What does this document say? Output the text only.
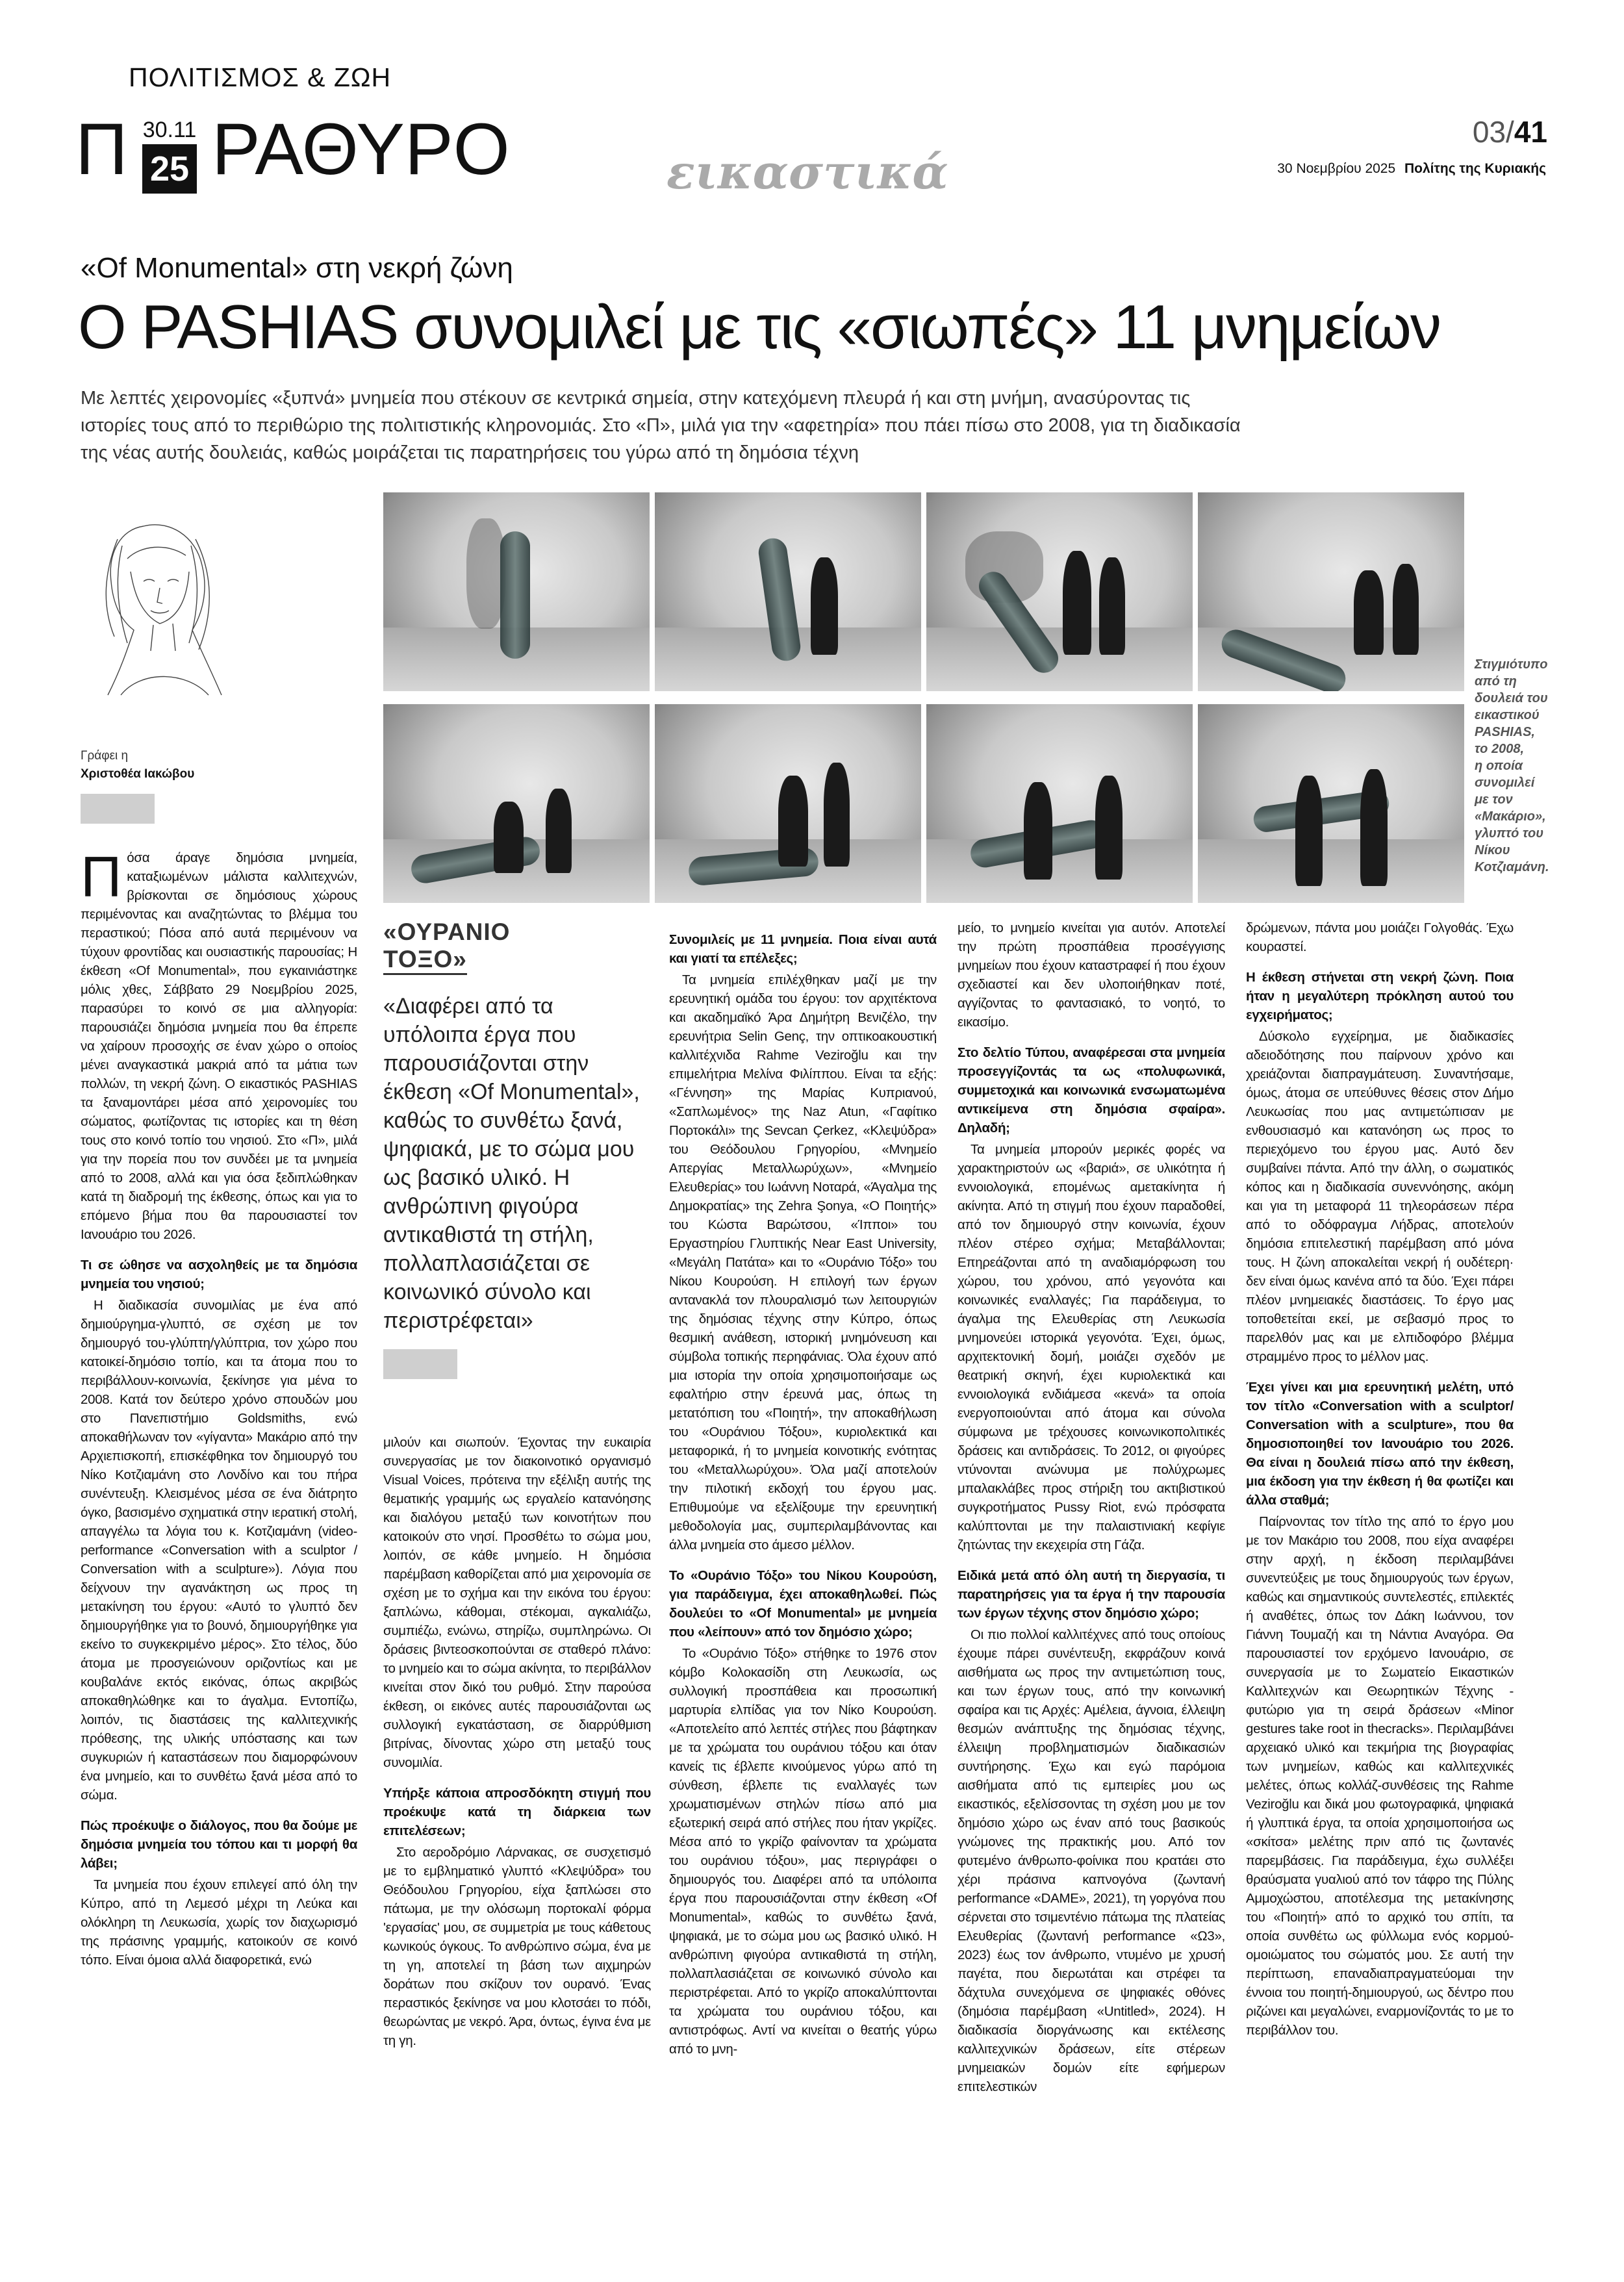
ΠΟΛΙΤΙΣΜΟΣ & ΖΩΗ
Π 30.11
25 ΡΑΘΥΡΟ	εικαστικά
03/41
30 Νοεμβρίου 2025 Πολίτης της Κυριακής
«Of Monumental» στη νεκρή ζώνη
Ο PASHIAS συνομιλεί με τις «σιωπές» 11 μνημείων
Με λεπτές χειρονομίες «ξυπνά» μνημεία που στέκουν σε κεντρικά σημεία, στην κατεχόμενη πλευρά ή και στη μνήμη, ανασύροντας τις
ιστορίες τους από το περιθώριο της πολιτιστικής κληρονομιάς. Στο «Π», μιλά για την «αφετηρία» που πάει πίσω στο 2008, για τη διαδικασία
της νέας αυτής δουλειάς, καθώς μοιράζεται τις παρατηρήσεις του γύρω από τη δημόσια τέχνη
Γράφει η
Χριστοθέα Ιακώβου
Στιγμιότυπο
από τη
δουλειά του
εικαστικού
PASHIAS,
το 2008,
η οποία
συνομιλεί
με τον
«Μακάριο»,
γλυπτό του
Νίκου
Κοτζιαμάνη.

Πόσα άραγε δημόσια μνημεία, καταξιωμένων μάλιστα καλλιτεχνών, βρίσκονται σε δημόσιους χώρους περιμένοντας και αναζητώντας το βλέμμα του περαστικού; Πόσα από αυτά περιμένουν να τύχουν φροντίδας και ουσιαστικής παρουσίας; Η έκθεση «Of Monumental», που εγκαινιάστηκε μόλις χθες, Σάββατο 29 Νοεμβρίου 2025, παρασύρει το κοινό σε μια αλληγορία: παρουσιάζει δημόσια μνημεία που θα έπρεπε να χαίρουν προσοχής σε έναν χώρο ο οποίος μένει αναγκαστικά μακριά από τα μάτια των πολλών, τη νεκρή ζώνη. Ο εικαστικός PASHIAS τα ξαναμοντάρει μέσα από χειρονομίες του σώματος, φωτίζοντας τις ιστορίες και τη θέση τους στο κοινό τοπίο του νησιού. Στο «Π», μιλά για την πορεία που τον συνδέει με τα μνημεία από το 2008, αλλά και για όσα ξεδιπλώθηκαν κατά τη διαδρομή της έκθεσης, όπως και για το επόμενο βήμα που θα παρουσιαστεί τον Ιανουάριο του 2026.

Τι σε ώθησε να ασχοληθείς με τα δημόσια μνημεία του νησιού;

Η διαδικασία συνομιλίας με ένα από δημιούργημα-γλυπτό, σε σχέση με τον δημιουργό του-γλύπτη/γλύπτρια, τον χώρο που κατοικεί-δημόσιο τοπίο, και τα άτομα που το περιβάλλουν-κοινωνία, ξεκίνησε για μένα το 2008. Κατά τον δεύτερο χρόνο σπουδών μου στο Πανεπιστήμιο Goldsmiths, ενώ αποκαθήλωναν τον «γίγαντα» Μακάριο από την Αρχιεπισκοπή, επισκέφθηκα τον δημιουργό του Νίκο Κοτζιαμάνη στο Λονδίνο και του πήρα συνέντευξη. Κλεισμένος μέσα σε ένα διάτρητο όγκο, βασισμένο σχηματικά στην ιερατική στολή, απαγγέλω τα λόγια του κ. Κοτζιαμάνη (video-performance «Conversation with a sculptor / Conversation with a sculpture»). Λόγια που δείχνουν την αγανάκτηση ως προς τη μετακίνηση του έργου: «Αυτό το γλυπτό δεν δημιουργήθηκε για το βουνό, δημιουργήθηκε για εκείνο το συγκεκριμένο μέρος». Στο τέλος, δύο άτομα με προσγειώνουν οριζοντίως και με κουβαλάνε εκτός εικόνας, όπως ακριβώς αποκαθηλώθηκε και το άγαλμα. Εντοπίζω, λοιπόν, τις διαστάσεις της καλλιτεχνικής πρόθεσης, της υλικής υπόστασης και των συγκυριών ή καταστάσεων που διαμορφώνουν ένα μνημείο, και το συνθέτω ξανά μέσα από το σώμα.

Πώς προέκυψε ο διάλογος, που θα δούμε με δημόσια μνημεία του τόπου και τι μορφή θα λάβει;

Τα μνημεία που έχουν επιλεγεί από όλη την Κύπρο, από τη Λεμεσό μέχρι τη Λεύκα και ολόκληρη τη Λευκωσία, χωρίς τον διαχωρισμό της πράσινης γραμμής, κατοικούν σε κοινό τόπο. Είναι όμοια αλλά διαφορετικά, ενώ

«ΟΥΡΑΝΙΟ
ΤΟΞΟ»
«Διαφέρει από τα υπόλοιπα έργα που παρουσιάζονται στην έκθεση «Of Monumental», καθώς το συνθέτω ξανά, ψηφιακά, με το σώμα μου ως βασικό υλικό. Η ανθρώπινη φιγούρα αντικαθιστά τη στήλη, πολλαπλασιάζεται σε κοινωνικό σύνολο και περιστρέφεται»

μιλούν και σιωπούν. Έχοντας την ευκαιρία συνεργασίας με τον διακοινοτικό οργανισμό Visual Voices, πρότεινα την εξέλιξη αυτής της θεματικής γραμμής ως εργαλείο κατανόησης και διαλόγου μεταξύ των κοινοτήτων που κατοικούν στο νησί. Προσθέτω το σώμα μου, λοιπόν, σε κάθε μνημείο. Η δημόσια παρέμβαση καθορίζεται από μια χειρονομία σε σχέση με το σχήμα και την εικόνα του έργου: ξαπλώνω, κάθομαι, στέκομαι, αγκαλιάζω, συμπιέζω, ενώνω, στηρίζω, συμπληρώνω. Οι δράσεις βιντεοσκοπούνται σε σταθερό πλάνο: το μνημείο και το σώμα ακίνητα, το περιβάλλον κινείται στον δικό του ρυθμό. Στην παρούσα έκθεση, οι εικόνες αυτές παρουσιάζονται ως συλλογική εγκατάσταση, σε διαρρύθμιση βιτρίνας, δίνοντας χώρο στη μεταξύ τους συνομιλία.

Υπήρξε κάποια απροσδόκητη στιγμή που προέκυψε κατά τη διάρκεια των επιτελέσεων;

Στο αεροδρόμιο Λάρνακας, σε συσχετισμό με το εμβληματικό γλυπτό «Κλεψύδρα» του Θεόδουλου Γρηγορίου, είχα ξαπλώσει στο πάτωμα, με την ολόσωμη πορτοκαλί φόρμα 'εργασίας' μου, σε συμμετρία με τους κάθετους κωνικούς όγκους. Το ανθρώπινο σώμα, ένα με τη γη, αποτελεί τη βάση των αιχμηρών δοράτων που σκίζουν τον ουρανό. Ένας περαστικός ξεκίνησε να μου κλοτσάει το πόδι, θεωρώντας με νεκρό. Άρα, όντως, έγινα ένα με τη γη.

Συνομιλείς με 11 μνημεία. Ποια είναι αυτά και γιατί τα επέλεξες;

Τα μνημεία επιλέχθηκαν μαζί με την ερευνητική ομάδα του έργου: τον αρχιτέκτονα και ακαδημαϊκό Άρα Δημήτρη Βενιζέλο, την ερευνήτρια Selin Genç, την οπτικοακουστική καλλιτέχνιδα Rahme Veziroğlu και την επιμελήτρια Μελίνα Φιλίππου. Είναι τα εξής: «Γέννηση» της Μαρίας Κυπριανού, «Σαπλωμένος» της Naz Atun, «Γαφίτικο Πορτοκάλι» της Sevcan Çerkez, «Κλεψύδρα» του Θεόδουλου Γρηγορίου, «Μνημείο Απεργίας Μεταλλωρύχων», «Μνημείο Ελευθερίας» του Ιωάννη Νοταρά, «Άγαλμα της Δημοκρατίας» της Zehra Şonya, «Ο Ποιητής» του Κώστα Βαρώτσου, «Ίπποι» του Εργαστηρίου Γλυπτικής Near East University, «Μεγάλη Πατάτα» και το «Ουράνιο Τόξο» του Νίκου Κουρούση. Η επιλογή των έργων αντανακλά τον πλουραλισμό των λειτουργιών της δημόσιας τέχνης στην Κύπρο, όπως θεσμική ανάθεση, ιστορική μνημόνευση και σύμβολα τοπικής περηφάνιας. Όλα έχουν από μια ιστορία την οποία χρησιμοποιήσαμε ως εφαλτήριο στην έρευνά μας, όπως τη μετατόπιση του «Ποιητή», την αποκαθήλωση του «Ουράνιου Τόξου», κυριολεκτικά και μεταφορικά, ή το μνημεία κοινοτικής ενότητας του «Μεταλλωρύχου». Όλα μαζί αποτελούν την πιλοτική εκδοχή του έργου μας. Επιθυμούμε να εξελίξουμε την ερευνητική μεθοδολογία μας, συμπεριλαμβάνοντας και άλλα μνημεία στο άμεσο μέλλον.

Το «Ουράνιο Τόξο» του Νίκου Κουρούση, για παράδειγμα, έχει αποκαθηλωθεί. Πώς δουλεύει το «Of Monumental» με μνημεία που «λείπουν» από τον δημόσιο χώρο;

Το «Ουράνιο Τόξο» στήθηκε το 1976 στον κόμβο Κολοκασίδη στη Λευκωσία, ως συλλογική προσπάθεια και προσωπική μαρτυρία ελπίδας για τον Νίκο Κουρούση. «Αποτελείτο από λεπτές στήλες που βάφτηκαν με τα χρώματα του ουράνιου τόξου και όταν κανείς τις έβλεπε κινούμενος γύρω από τη σύνθεση, έβλεπε τις εναλλαγές των χρωματισμένων στηλών πίσω από μια εξωτερική σειρά από στήλες που ήταν γκρίζες. Μέσα από το γκρίζο φαίνονταν τα χρώματα του ουράνιου τόξου», μας περιγράφει ο δημιουργός του. Διαφέρει από τα υπόλοιπα έργα που παρουσιάζονται στην έκθεση «Of Monumental», καθώς το συνθέτω ξανά, ψηφιακά, με το σώμα μου ως βασικό υλικό. Η ανθρώπινη φιγούρα αντικαθιστά τη στήλη, πολλαπλασιάζεται σε κοινωνικό σύνολο και περιστρέφεται. Από το γκρίζο αποκαλύπτονται τα χρώματα του ουράνιου τόξου, και αντιστρόφως. Αντί να κινείται ο θεατής γύρω από το μνη-

μείο, το μνημείο κινείται για αυτόν. Αποτελεί την πρώτη προσπάθεια προσέγγισης μνημείων που έχουν καταστραφεί ή που έχουν σχεδιαστεί και δεν υλοποιήθηκαν ποτέ, αγγίζοντας το φαντασιακό, το νοητό, το εικασίμο.

Στο δελτίο Τύπου, αναφέρεσαι στα μνημεία προσεγγίζοντάς τα ως «πολυφωνικά, συμμετοχικά και κοινωνικά ενσωματωμένα αντικείμενα στη δημόσια σφαίρα». Δηλαδή;

Τα μνημεία μπορούν μερικές φορές να χαρακτηριστούν ως «βαριά», σε υλικότητα ή εννοιολογικά, επομένως αμετακίνητα ή ακίνητα. Από τη στιγμή που έχουν παραδοθεί, από τον δημιουργό στην κοινωνία, έχουν πλέον στέρεο σχήμα; Μεταβάλλονται; Επηρεάζονται από τη αναδιαμόρφωση του χώρου, του χρόνου, από γεγονότα και κοινωνικές εναλλαγές; Για παράδειγμα, το άγαλμα της Ελευθερίας στη Λευκωσία μνημονεύει ιστορικά γεγονότα. Έχει, όμως, αρχιτεκτονική δομή, μοιάζει σχεδόν με θεατρική σκηνή, έχει κυριολεκτικά και εννοιολογικά ενδιάμεσα «κενά» τα οποία ενεργοποιούνται από άτομα και σύνολα σύμφωνα με τρέχουσες κοινωνικοπολιτικές δράσεις και αντιδράσεις. Το 2012, οι φιγούρες ντύνονται ανώνυμα με πολύχρωμες μπαλακλάβες προς στήριξη του ακτιβιστικού συγκροτήματος Pussy Riot, ενώ πρόσφατα καλύπτονται με την παλαιστινιακή κεφίγιε ζητώντας την εκεχειρία στη Γάζα.

Ειδικά μετά από όλη αυτή τη διεργασία, τι παρατηρήσεις για τα έργα ή την παρουσία των έργων τέχνης στον δημόσιο χώρο;

Οι πιο πολλοί καλλιτέχνες από τους οποίους έχουμε πάρει συνέντευξη, εκφράζουν κοινά αισθήματα ως προς την αντιμετώπιση τους, και των έργων τους, από την κοινωνική σφαίρα και τις Αρχές: Αμέλεια, άγνοια, έλλειψη θεσμών ανάπτυξης της δημόσιας τέχνης, έλλειψη προβληματισμών διαδικασιών συντήρησης. Έχω και εγώ παρόμοια αισθήματα από τις εμπειρίες μου ως εικαστικός, εξελίσσοντας τη σχέση μου με τον δημόσιο χώρο ως έναν από τους βασικούς γνώμονες της πρακτικής μου. Από τον φυτεμένο άνθρωπο-φοίνικα που κρατάει στο χέρι πράσινα καπνογόνα (ζωντανή performance «DAME», 2021), τη γοργόνα που σέρνεται στο τσιμεντένιο πάτωμα της πλατείας Ελευθερίας (ζωντανή performance «Ω3», 2023) έως τον άνθρωπο, ντυμένο με χρυσή παγέτα, που διερωτάται και στρέφει τα δάχτυλα συνεχόμενα σε ψηφιακές οθόνες (δημόσια παρέμβαση «Untitled», 2024). Η διαδικασία διοργάνωσης και εκτέλεσης καλλιτεχνικών δράσεων, είτε στέρεων μνημειακών δομών είτε εφήμερων επιτελεστικών

δρώμενων, πάντα μου μοιάζει Γολγοθάς. Έχω κουραστεί.

Η έκθεση στήνεται στη νεκρή ζώνη. Ποια ήταν η μεγαλύτερη πρόκληση αυτού του εγχειρήματος;

Δύσκολο εγχείρημα, με διαδικασίες αδειοδότησης που παίρνουν χρόνο και χρειάζονται διαπραγμάτευση. Συναντήσαμε, όμως, άτομα σε υπεύθυνες θέσεις στον Δήμο Λευκωσίας που μας αντιμετώπισαν με ενθουσιασμό και κατανόηση ως προς το περιεχόμενο του έργου μας. Αυτό δεν συμβαίνει πάντα. Από την άλλη, ο σωματικός κόπος και η διαδικασία συνεννόησης, ακόμη και για τη μεταφορά 11 τηλεοράσεων πέρα από το οδόφραγμα Λήδρας, αποτελούν δημόσια επιτελεστική παρέμβαση από μόνα τους. Η ζώνη αποκαλείται νεκρή ή ουδέτερη· δεν είναι όμως κανένα από τα δύο. Έχει πάρει πλέον μνημειακές διαστάσεις. Το έργο μας τοποθετείται εκεί, με σεβασμό προς το παρελθόν μας και με ελπιδοφόρο βλέμμα στραμμένο προς το μέλλον μας.

Έχει γίνει και μια ερευνητική μελέτη, υπό τον τίτλο «Conversation with a sculptor/ Conversation with a sculpture», που θα δημοσιοποιηθεί τον Ιανουάριο του 2026. Θα είναι η δουλειά πίσω από την έκθεση, μια έκδοση για την έκθεση ή θα φωτίζει και άλλα σταθμά;

Παίρνοντας τον τίτλο της από το έργο μου με τον Μακάριο του 2008, που είχα αναφέρει στην αρχή, η έκδοση περιλαμβάνει συνεντεύξεις με τους δημιουργούς των έργων, καθώς και σημαντικούς συντελεστές, επιλεκτές ή αναθέτες, όπως τον Δάκη Ιωάννου, τον Γιάννη Τουμαζή και τη Νάντια Αναγόρα. Θα παρουσιαστεί τον ερχόμενο Ιανουάριο, σε συνεργασία με το Σωματείο Εικαστικών Καλλιτεχνών και Θεωρητικών Τέχνης - φυτώριο για τη σειρά δράσεων «Minor gestures take root in thecracks». Περιλαμβάνει αρχειακό υλικό και τεκμήρια της βιογραφίας των μνημείων, καθώς και καλλιτεχνικές μελέτες, όπως κολλάζ-συνθέσεις της Rahme Veziroğlu και δικά μου φωτογραφικά, ψηφιακά ή γλυπτικά έργα, τα οποία χρησιμοποιήσα ως «σκίτσα» μελέτης πριν από τις ζωντανές παρεμβάσεις. Για παράδειγμα, έχω συλλέξει θραύσματα γυαλιού από τον τάφρο της Πύλης Αμμοχώστου, αποτέλεσμα της μετακίνησης του «Ποιητή» από το αρχικό του σπίτι, τα οποία συνθέτω ως φύλλωμα ενός κορμού-ομοιώματος του σώματός μου. Σε αυτή την περίπτωση, επαναδιαπραγματεύομαι την έννοια του ποιητή-δημιουργού, ως δέντρο που ριζώνει και μεγαλώνει, εναρμονίζοντάς το με το περιβάλλον του.
